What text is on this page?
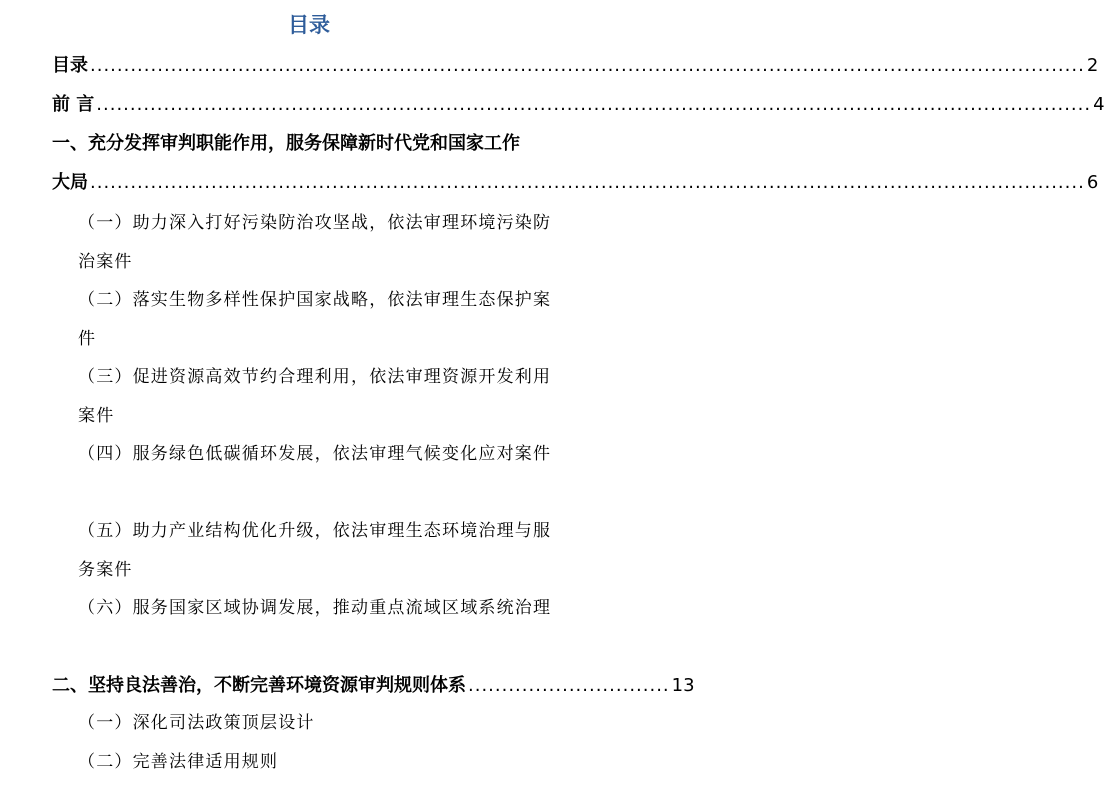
目录
目录 .................................................................................................................................................... 2
前 言 .................................................................................................................................................... 4
一、充分发挥审判职能作用，服务保障新时代党和国家工作
大局 .................................................................................................................................................... 6
（一）助力深入打好污染防治攻坚战，依法审理环境污染防治案件
（二）落实生物多样性保护国家战略，依法审理生态保护案件
（三）促进资源高效节约合理利用，依法审理资源开发利用案件
（四）服务绿色低碳循环发展，依法审理气候变化应对案件
（五）助力产业结构优化升级，依法审理生态环境治理与服务案件
（六）服务国家区域协调发展，推动重点流域区域系统治理
二、坚持良法善治，不断完善环境资源审判规则体系 .............................. 13
（一）深化司法政策顶层设计
（二）完善法律适用规则
